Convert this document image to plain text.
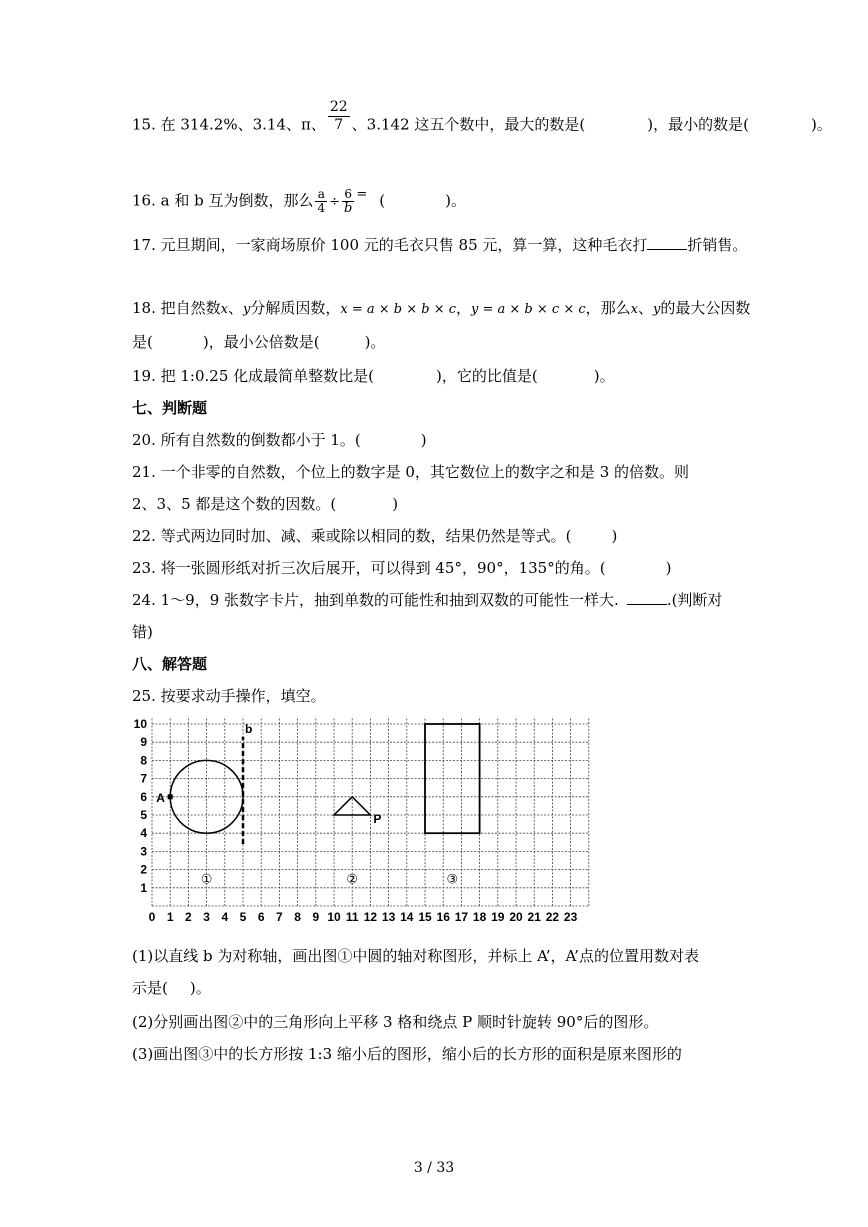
15. 在 314.2%、3.14、π、 $\frac{22}{7}$ 、3.142 这五个数中，最大的数是(	)，最小的数是(	)。
16. a 和 b 互为倒数，那么 $\frac{a}{4} \div \frac{6}{b}$ = (	)。
17. 元旦期间，一家商场原价 100 元的毛衣只售 85 元，算一算，这种毛衣打	折销售。
18. 把自然数x、y分解质因数，x = a × b × b × c，y = a × b × c × c，那么x、y的最大公因数
是(	)，最小公倍数是(	)。
19. 把 1:0.25 化成最简单整数比是(	)，它的比值是(	)。
七、判断题
20. 所有自然数的倒数都小于 1。(	)
21. 一个非零的自然数，个位上的数字是 0，其它数位上的数字之和是 3 的倍数。则
2、3、5 都是这个数的因数。(	)
22. 等式两边同时加、减、乘或除以相同的数，结果仍然是等式。(	)
23. 将一张圆形纸对折三次后展开，可以得到 45°，90°，135°的角。(	)
24. 1～9，9 张数字卡片，抽到单数的可能性和抽到双数的可能性一样大.	.(判断对
错)
八、解答题
25. 按要求动手操作，填空。
0 1 2 3 4 5 6 7 8 9 10 11 12 13 14 15 16 17 18 19 20 21 22 23
1
2
3
4
5
6
7
8
9
10	b
A
P
①	②	③
(1)以直线 b 为对称轴，画出图①中圆的轴对称图形，并标上 A’，A’点的位置用数对表
示是( )。
(2)分别画出图②中的三角形向上平移 3 格和绕点 P 顺时针旋转 90°后的图形。
(3)画出图③中的长方形按 1:3 缩小后的图形，缩小后的长方形的面积是原来图形的
3 / 33
